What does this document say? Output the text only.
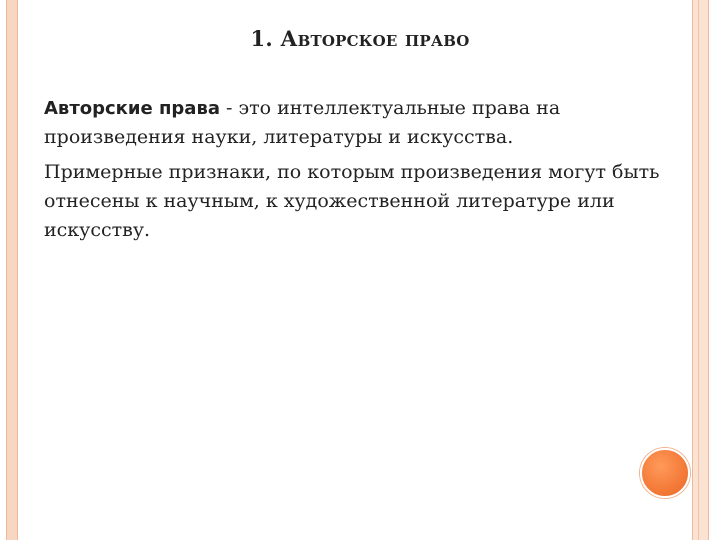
1. Авторское право

Авторские права - это интеллектуальные права на произведения науки, литературы и искусства.

Примерные признаки, по которым произведения могут быть отнесены к научным, к художественной литературе или искусству.
